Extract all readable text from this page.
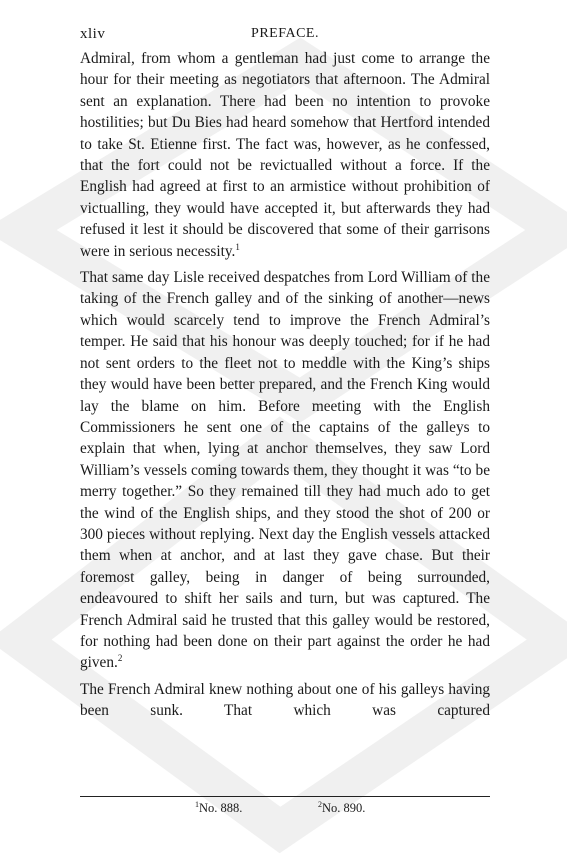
xliv	PREFACE.

Admiral, from whom a gentleman had just come to arrange the hour for their meeting as negotiators that afternoon. The Admiral sent an explanation. There had been no intention to provoke hostilities; but Du Bies had heard somehow that Hertford intended to take St. Etienne first. The fact was, however, as he confessed, that the fort could not be revictualled without a force. If the English had agreed at first to an armistice without prohibition of victualling, they would have accepted it, but afterwards they had refused it lest it should be discovered that some of their garrisons were in serious necessity.$^1$

That same day Lisle received despatches from Lord William of the taking of the French galley and of the sinking of another—news which would scarcely tend to improve the French Admiral’s temper. He said that his honour was deeply touched; for if he had not sent orders to the fleet not to meddle with the King’s ships they would have been better prepared, and the French King would lay the blame on him. Before meeting with the English Commissioners he sent one of the captains of the galleys to explain that when, lying at anchor themselves, they saw Lord William’s vessels coming towards them, they thought it was “to be merry together.” So they remained till they had much ado to get the wind of the English ships, and they stood the shot of 200 or 300 pieces without replying. Next day the English vessels attacked them when at anchor, and at last they gave chase. But their foremost galley, being in danger of being surrounded, endeavoured to shift her sails and turn, but was captured. The French Admiral said he trusted that this galley would be restored, for nothing had been done on their part against the order he had given.$^2$

The French Admiral knew nothing about one of his galleys having been sunk. That which was captured

$^1$No. 888.	$^2$No. 890.
